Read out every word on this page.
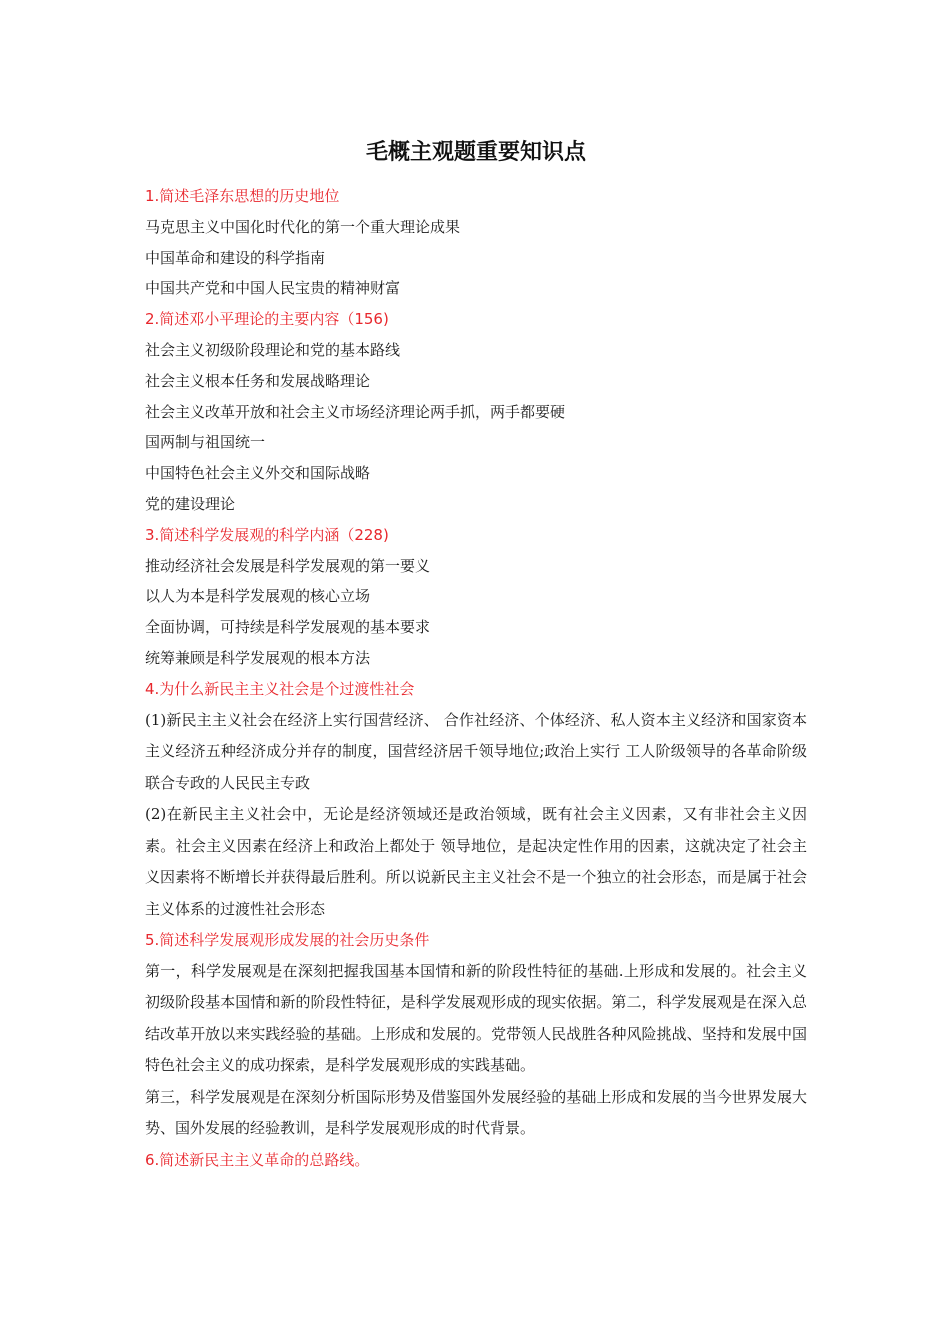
毛概主观题重要知识点

1.简述毛泽东思想的历史地位

马克思主义中国化时代化的第一个重大理论成果

中国革命和建设的科学指南

中国共产党和中国人民宝贵的精神财富

2.简述邓小平理论的主要内容（156)

社会主义初级阶段理论和党的基本路线

社会主义根本任务和发展战略理论

社会主义改革开放和社会主义市场经济理论两手抓，两手都要硬

国两制与祖国统一

中国特色社会主义外交和国际战略

党的建设理论

3.简述科学发展观的科学内涵（228)

推动经济社会发展是科学发展观的第一要义

以人为本是科学发展观的核心立场

全面协调，可持续是科学发展观的基本要求

统筹兼顾是科学发展观的根本方法

4.为什么新民主主义社会是个过渡性社会

(1)新民主主义社会在经济上实行国营经济、 合作社经济、个体经济、私人资本主义经济和国家资本主义经济五种经济成分并存的制度，国营经济居千领导地位;政治上实行 工人阶级领导的各革命阶级联合专政的人民民主专政

(2)在新民主主义社会中，无论是经济领域还是政治领域，既有社会主义因素，又有非社会主义因素。社会主义因素在经济上和政治上都处于 领导地位，是起决定性作用的因素，这就决定了社会主义因素将不断增长并获得最后胜利。所以说新民主主义社会不是一个独立的社会形态，而是属于社会主义体系的过渡性社会形态

5.简述科学发展观形成发展的社会历史条件

第一，科学发展观是在深刻把握我国基本国情和新的阶段性特征的基础.上形成和发展的。社会主义初级阶段基本国情和新的阶段性特征，是科学发展观形成的现实依据。第二，科学发展观是在深入总结改革开放以来实践经验的基础。上形成和发展的。党带领人民战胜各种风险挑战、坚持和发展中国特色社会主义的成功探索，是科学发展观形成的实践基础。

第三，科学发展观是在深刻分析国际形势及借鉴国外发展经验的基础上形成和发展的当今世界发展大势、国外发展的经验教训，是科学发展观形成的时代背景。

6.简述新民主主义革命的总路线。
